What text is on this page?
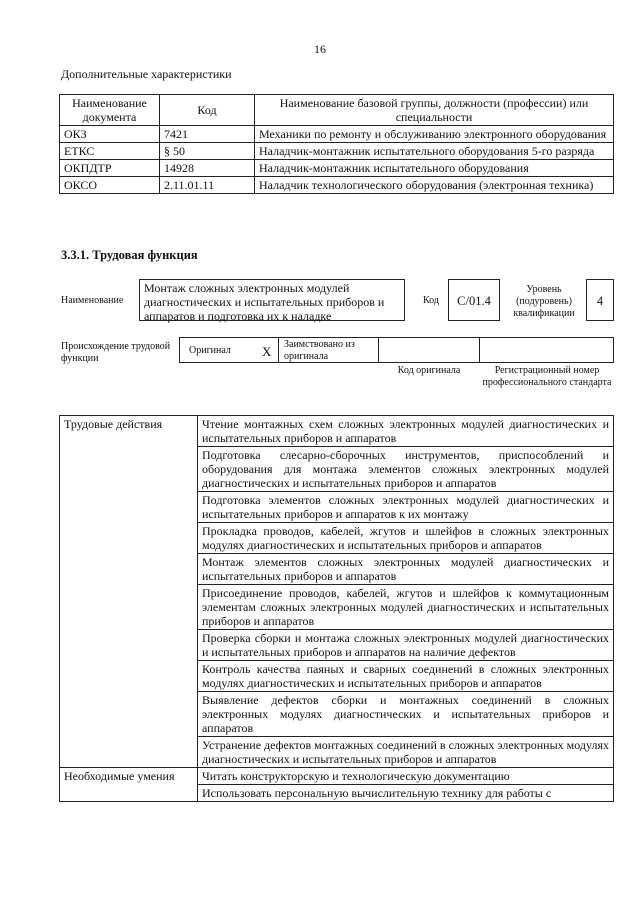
16
Дополнительные характеристики
Наименование документа	Код	Наименование базовой группы, должности (профессии) или специальности
ОКЗ	7421	Механики по ремонту и обслуживанию электронного оборудования
ЕТКС	§ 50	Наладчик-монтажник испытательного оборудования 5-го разряда
ОКПДТР	14928	Наладчик-монтажник испытательного оборудования
ОКСО	2.11.01.11	Наладчик технологического оборудования (электронная техника)
3.3.1. Трудовая функция
Наименование
Монтаж сложных электронных модулей диагностических и испытательных приборов и аппаратов и подготовка их к наладке
Код	C/01.4
Уровень (подуровень) квалификации
4
Происхождение трудовой функции
Оригинал X Заимствовано из оригинала
Код оригинала	Регистрационный номер профессионального стандарта
Трудовые действия	Чтение монтажных схем сложных электронных модулей диагностических и испытательных приборов и аппаратов
	Подготовка слесарно-сборочных инструментов, приспособлений и оборудования для монтажа элементов сложных электронных модулей диагностических и испытательных приборов и аппаратов
	Подготовка элементов сложных электронных модулей диагностических и испытательных приборов и аппаратов к их монтажу
	Прокладка проводов, кабелей, жгутов и шлейфов в сложных электронных модулях диагностических и испытательных приборов и аппаратов
	Монтаж элементов сложных электронных модулей диагностических и испытательных приборов и аппаратов
	Присоединение проводов, кабелей, жгутов и шлейфов к коммутационным элементам сложных электронных модулей диагностических и испытательных приборов и аппаратов
	Проверка сборки и монтажа сложных электронных модулей диагностических и испытательных приборов и аппаратов на наличие дефектов
	Контроль качества паяных и сварных соединений в сложных электронных модулях диагностических и испытательных приборов и аппаратов
	Выявление дефектов сборки и монтажных соединений в сложных электронных модулях диагностических и испытательных приборов и аппаратов
	Устранение дефектов монтажных соединений в сложных электронных модулях диагностических и испытательных приборов и аппаратов
Необходимые умения	Читать конструкторскую и технологическую документацию
	Использовать персональную вычислительную технику для работы с
